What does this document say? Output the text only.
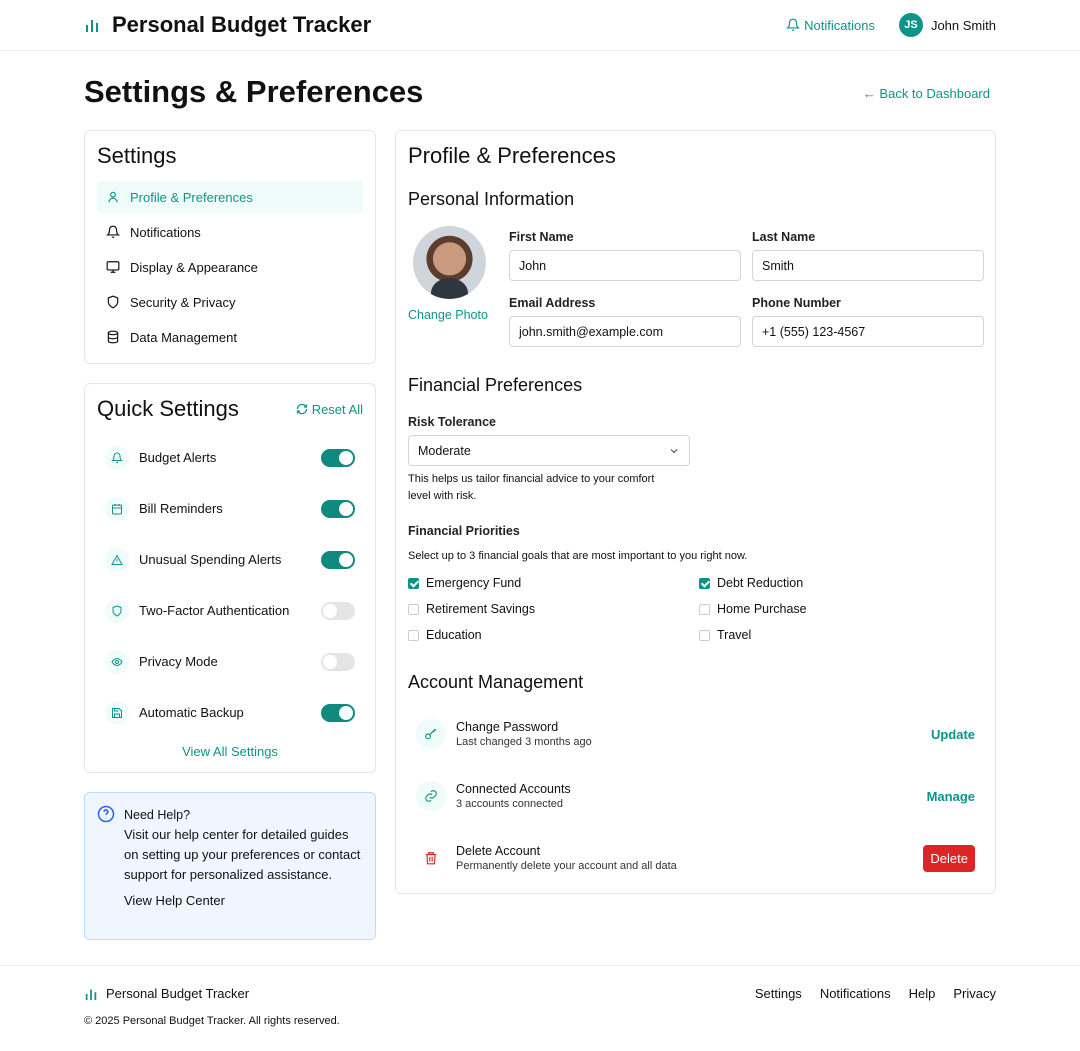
Personal Budget Tracker	Notifications	JS	John Smith
Settings & Preferences	← Back to Dashboard
Settings
Profile & Preferences
Notifications
Display & Appearance
Security & Privacy
Data Management
Quick Settings	Reset All
Budget Alerts
Bill Reminders
Unusual Spending Alerts
Two-Factor Authentication
Privacy Mode
Automatic Backup
View All Settings
Need Help?
Visit our help center for detailed guides on setting up your preferences or contact support for personalized assistance.
View Help Center
Profile & Preferences
Personal Information
Change Photo
First Name
John
Last Name
Smith
Email Address
john.smith@example.com
Phone Number
+1 (555) 123-4567
Financial Preferences
Risk Tolerance
Moderate
This helps us tailor financial advice to your comfort level with risk.
Financial Priorities
Select up to 3 financial goals that are most important to you right now.
Emergency Fund	Debt Reduction
Retirement Savings	Home Purchase
Education	Travel
Account Management
Change Password
Last changed 3 months ago
Update
Connected Accounts
3 accounts connected
Manage
Delete Account
Permanently delete your account and all data
Delete
Personal Budget Tracker	Settings Notifications Help Privacy
© 2025 Personal Budget Tracker. All rights reserved.
